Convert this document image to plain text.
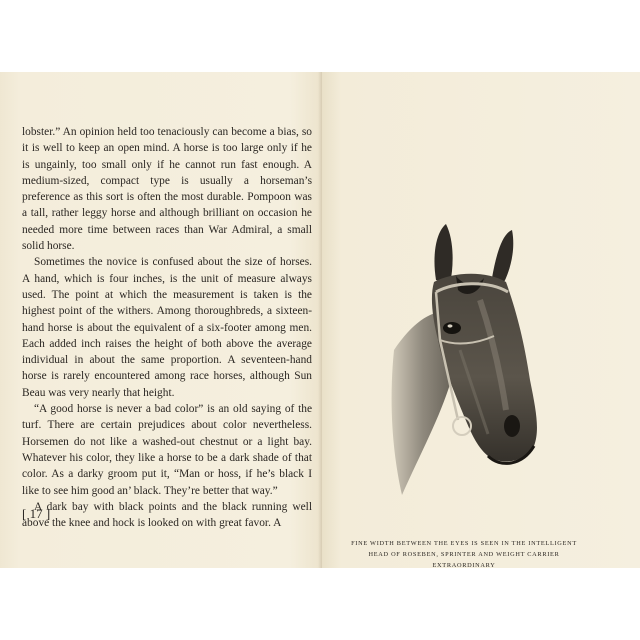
lobster.” An opinion held too tenaciously can become a bias, so it is well to keep an open mind. A horse is too large only if he is ungainly, too small only if he cannot run fast enough. A medium-sized, compact type is usually a horseman’s preference as this sort is often the most durable. Pompoon was a tall, rather leggy horse and although brilliant on occasion he needed more time between races than War Admiral, a small solid horse.

Sometimes the novice is confused about the size of horses. A hand, which is four inches, is the unit of measure always used. The point at which the measurement is taken is the highest point of the withers. Among thoroughbreds, a sixteen-hand horse is about the equivalent of a six-footer among men. Each added inch raises the height of both above the average individual in about the same proportion. A seventeen-hand horse is rarely encountered among race horses, although Sun Beau was very nearly that height.

“A good horse is never a bad color” is an old saying of the turf. There are certain prejudices about color nevertheless. Horsemen do not like a washed-out chestnut or a light bay. Whatever his color, they like a horse to be a dark shade of that color. As a darky groom put it, “Man or hoss, if he’s black I like to see him good an’ black. They’re better that way.”

A dark bay with black points and the black running well above the knee and hock is looked on with great favor. A

[ 17 ]
FINE WIDTH BETWEEN THE EYES IS SEEN IN THE INTELLIGENT HEAD OF ROSEBEN, SPRINTER AND WEIGHT CARRIER EXTRAORDINARY
